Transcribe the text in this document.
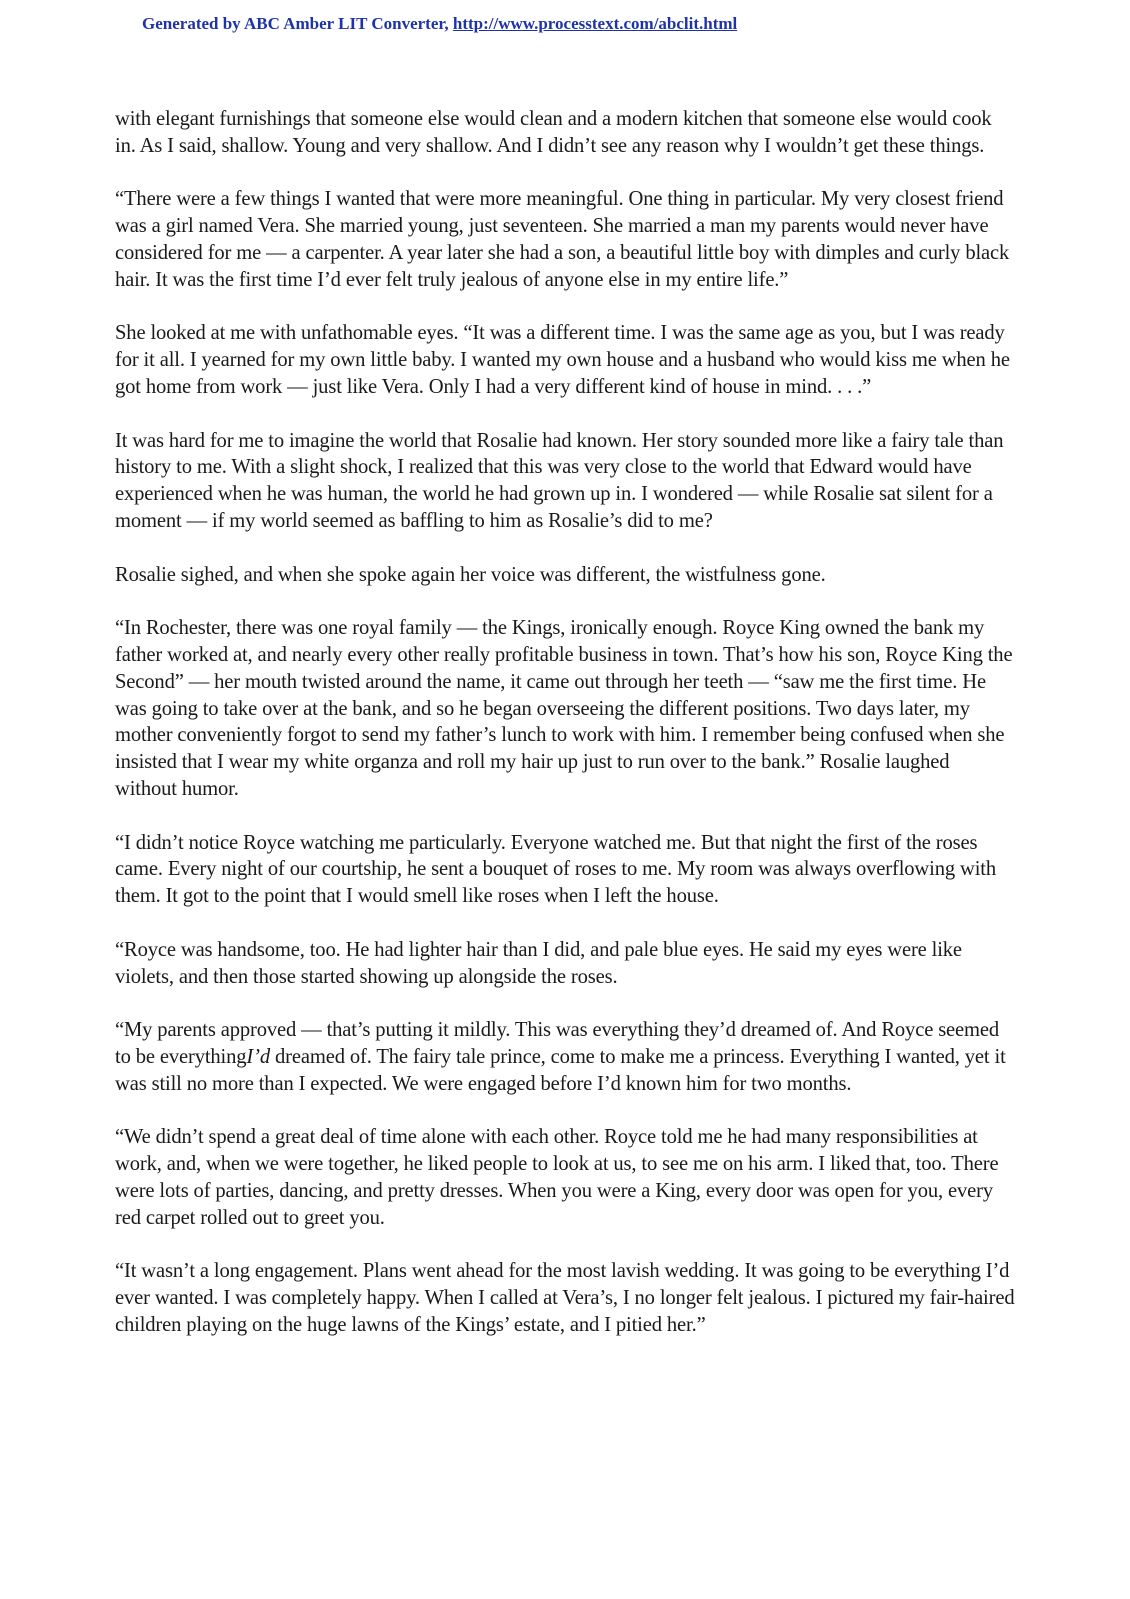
Generated by ABC Amber LIT Converter, http://www.processtext.com/abclit.html

with elegant furnishings that someone else would clean and a modern kitchen that someone else would cook in. As I said, shallow. Young and very shallow. And I didn’t see any reason why I wouldn’t get these things.

“There were a few things I wanted that were more meaningful. One thing in particular. My very closest friend was a girl named Vera. She married young, just seventeen. She married a man my parents would never have considered for me — a carpenter. A year later she had a son, a beautiful little boy with dimples and curly black hair. It was the first time I’d ever felt truly jealous of anyone else in my entire life.”

She looked at me with unfathomable eyes. “It was a different time. I was the same age as you, but I was ready for it all. I yearned for my own little baby. I wanted my own house and a husband who would kiss me when he got home from work — just like Vera. Only I had a very different kind of house in mind. . . .”

It was hard for me to imagine the world that Rosalie had known. Her story sounded more like a fairy tale than history to me. With a slight shock, I realized that this was very close to the world that Edward would have experienced when he was human, the world he had grown up in. I wondered — while Rosalie sat silent for a moment — if my world seemed as baffling to him as Rosalie’s did to me?

Rosalie sighed, and when she spoke again her voice was different, the wistfulness gone.

“In Rochester, there was one royal family — the Kings, ironically enough. Royce King owned the bank my father worked at, and nearly every other really profitable business in town. That’s how his son, Royce King the Second” — her mouth twisted around the name, it came out through her teeth — “saw me the first time. He was going to take over at the bank, and so he began overseeing the different positions. Two days later, my mother conveniently forgot to send my father’s lunch to work with him. I remember being confused when she insisted that I wear my white organza and roll my hair up just to run over to the bank.” Rosalie laughed without humor.

“I didn’t notice Royce watching me particularly. Everyone watched me. But that night the first of the roses came. Every night of our courtship, he sent a bouquet of roses to me. My room was always overflowing with them. It got to the point that I would smell like roses when I left the house.

“Royce was handsome, too. He had lighter hair than I did, and pale blue eyes. He said my eyes were like violets, and then those started showing up alongside the roses.

“My parents approved — that’s putting it mildly. This was everything they’d dreamed of. And Royce seemed to be everythingI’d dreamed of. The fairy tale prince, come to make me a princess. Everything I wanted, yet it was still no more than I expected. We were engaged before I’d known him for two months.

“We didn’t spend a great deal of time alone with each other. Royce told me he had many responsibilities at work, and, when we were together, he liked people to look at us, to see me on his arm. I liked that, too. There were lots of parties, dancing, and pretty dresses. When you were a King, every door was open for you, every red carpet rolled out to greet you.

“It wasn’t a long engagement. Plans went ahead for the most lavish wedding. It was going to be everything I’d ever wanted. I was completely happy. When I called at Vera’s, I no longer felt jealous. I pictured my fair-haired children playing on the huge lawns of the Kings’ estate, and I pitied her.”
